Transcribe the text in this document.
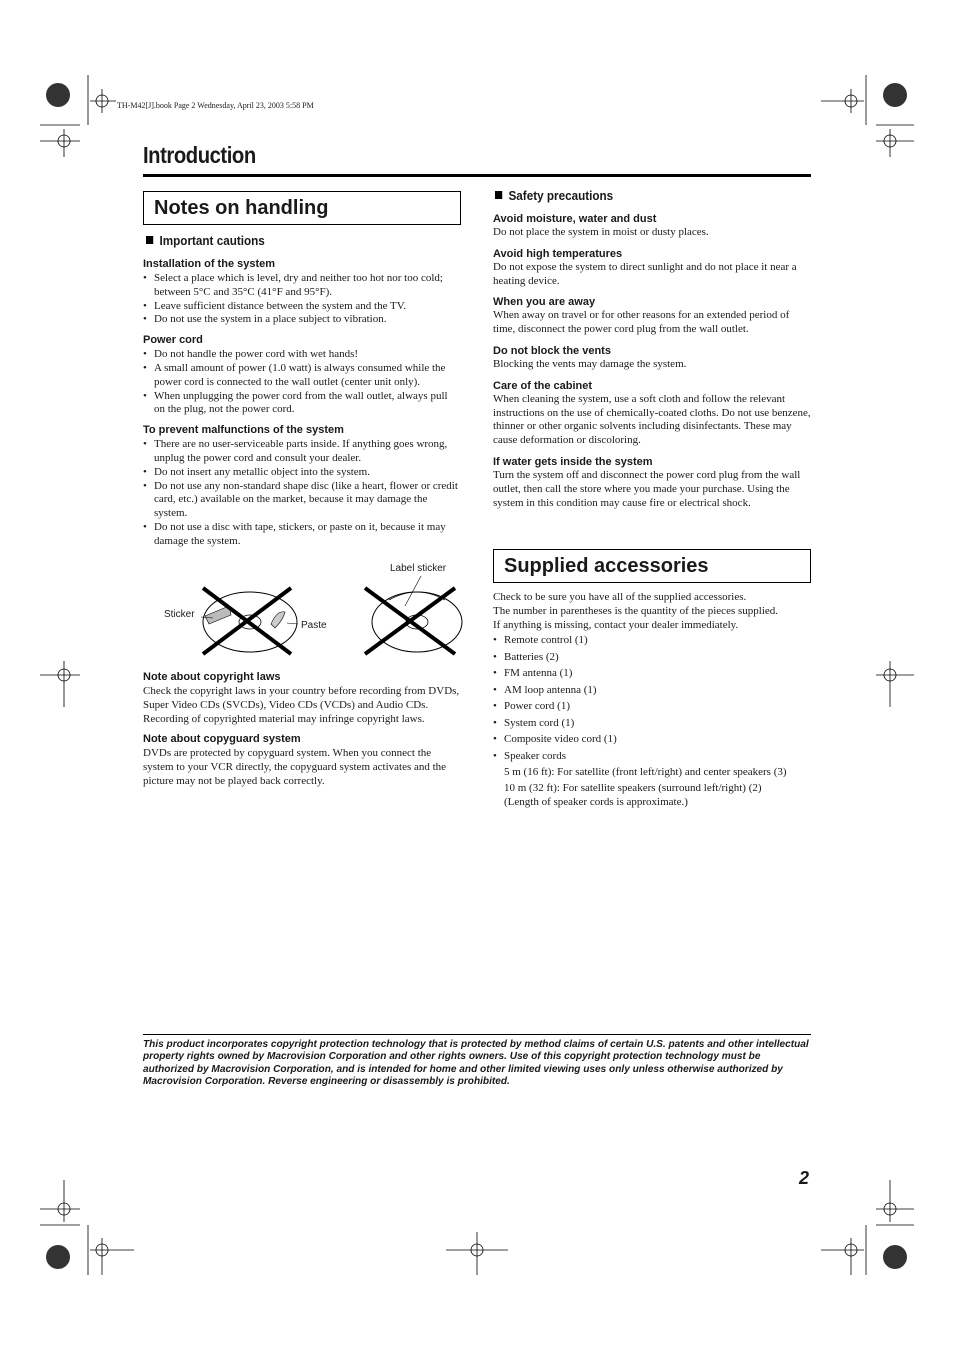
TH-M42[J].book Page 2 Wednesday, April 23, 2003 5:58 PM
Introduction
Notes on handling
Important cautions
Installation of the system
• Select a place which is level, dry and neither too hot nor too cold; between 5°C and 35°C (41°F and 95°F).
• Leave sufficient distance between the system and the TV.
• Do not use the system in a place subject to vibration.
Power cord
• Do not handle the power cord with wet hands!
• A small amount of power (1.0 watt) is always consumed while the power cord is connected to the wall outlet (center unit only).
• When unplugging the power cord from the wall outlet, always pull on the plug, not the power cord.
To prevent malfunctions of the system
• There are no user-serviceable parts inside. If anything goes wrong, unplug the power cord and consult your dealer.
• Do not insert any metallic object into the system.
• Do not use any non-standard shape disc (like a heart, flower or credit card, etc.) available on the market, because it may damage the system.
• Do not use a disc with tape, stickers, or paste on it, because it may damage the system.
Label sticker
Sticker
Paste
Note about copyright laws
Check the copyright laws in your country before recording from DVDs, Super Video CDs (SVCDs), Video CDs (VCDs) and Audio CDs. Recording of copyrighted material may infringe copyright laws.
Note about copyguard system
DVDs are protected by copyguard system. When you connect the system to your VCR directly, the copyguard system activates and the picture may not be played back correctly.
Safety precautions
Avoid moisture, water and dust
Do not place the system in moist or dusty places.
Avoid high temperatures
Do not expose the system to direct sunlight and do not place it near a heating device.
When you are away
When away on travel or for other reasons for an extended period of time, disconnect the power cord plug from the wall outlet.
Do not block the vents
Blocking the vents may damage the system.
Care of the cabinet
When cleaning the system, use a soft cloth and follow the relevant instructions on the use of chemically-coated cloths. Do not use benzene, thinner or other organic solvents including disinfectants. These may cause deformation or discoloring.
If water gets inside the system
Turn the system off and disconnect the power cord plug from the wall outlet, then call the store where you made your purchase. Using the system in this condition may cause fire or electrical shock.
Supplied accessories
Check to be sure you have all of the supplied accessories.
The number in parentheses is the quantity of the pieces supplied.
If anything is missing, contact your dealer immediately.
• Remote control (1)
• Batteries (2)
• FM antenna (1)
• AM loop antenna (1)
• Power cord (1)
• System cord (1)
• Composite video cord (1)
• Speaker cords
5 m (16 ft): For satellite (front left/right) and center speakers (3)
10 m (32 ft): For satellite speakers (surround left/right) (2)
(Length of speaker cords is approximate.)
This product incorporates copyright protection technology that is protected by method claims of certain U.S. patents and other intellectual property rights owned by Macrovision Corporation and other rights owners. Use of this copyright protection technology must be authorized by Macrovision Corporation, and is intended for home and other limited viewing uses only unless otherwise authorized by Macrovision Corporation. Reverse engineering or disassembly is prohibited.
2
